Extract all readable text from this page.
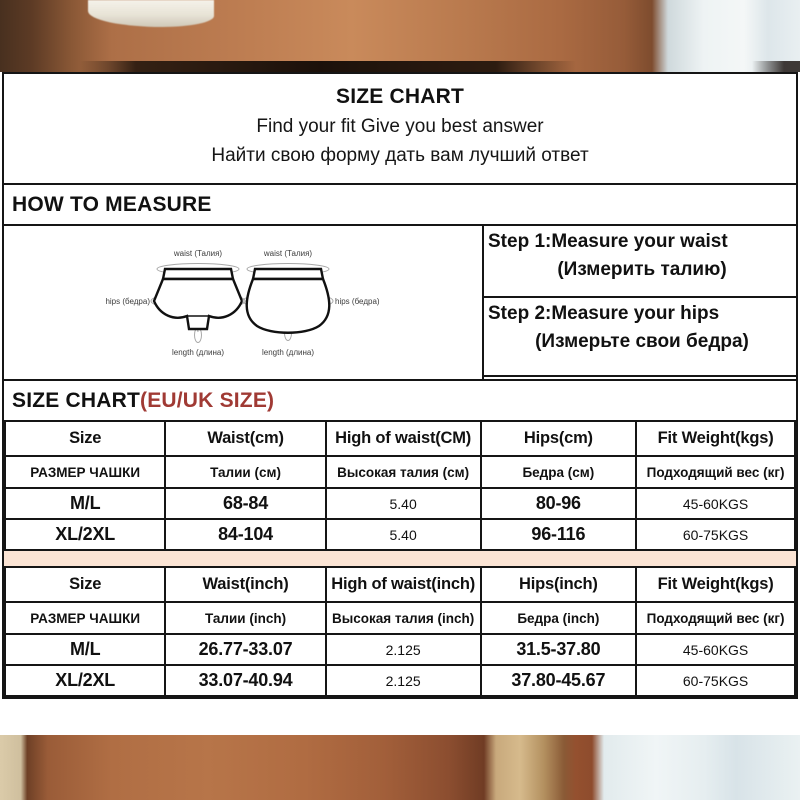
SIZE CHART
Find your fit Give you best answer
Найти свою форму дать вам лучший ответ
HOW TO MEASURE
waist (Талия)	waist (Талия)
hips (бедра)	hips (бедра)
length (длина)	length (длина)
Step 1:Measure your waist
(Измерить талию)
Step 2:Measure your hips
(Измерьте свои бедра)
SIZE CHART(EU/UK SIZE)
Size	Waist(cm)	High of waist(CM)	Hips(cm)	Fit Weight(kgs)
РАЗМЕР ЧАШКИ	Талии (см)	Высокая талия (см)	Бедра (см)	Подходящий вес (кг)
M/L	68-84	5.40	80-96	45-60KGS
XL/2XL	84-104	5.40	96-116	60-75KGS
Size	Waist(inch)	High of waist(inch)	Hips(inch)	Fit Weight(kgs)
РАЗМЕР ЧАШКИ	Талии (inch)	Высокая талия (inch)	Бедра (inch)	Подходящий вес (кг)
M/L	26.77-33.07	2.125	31.5-37.80	45-60KGS
XL/2XL	33.07-40.94	2.125	37.80-45.67	60-75KGS
